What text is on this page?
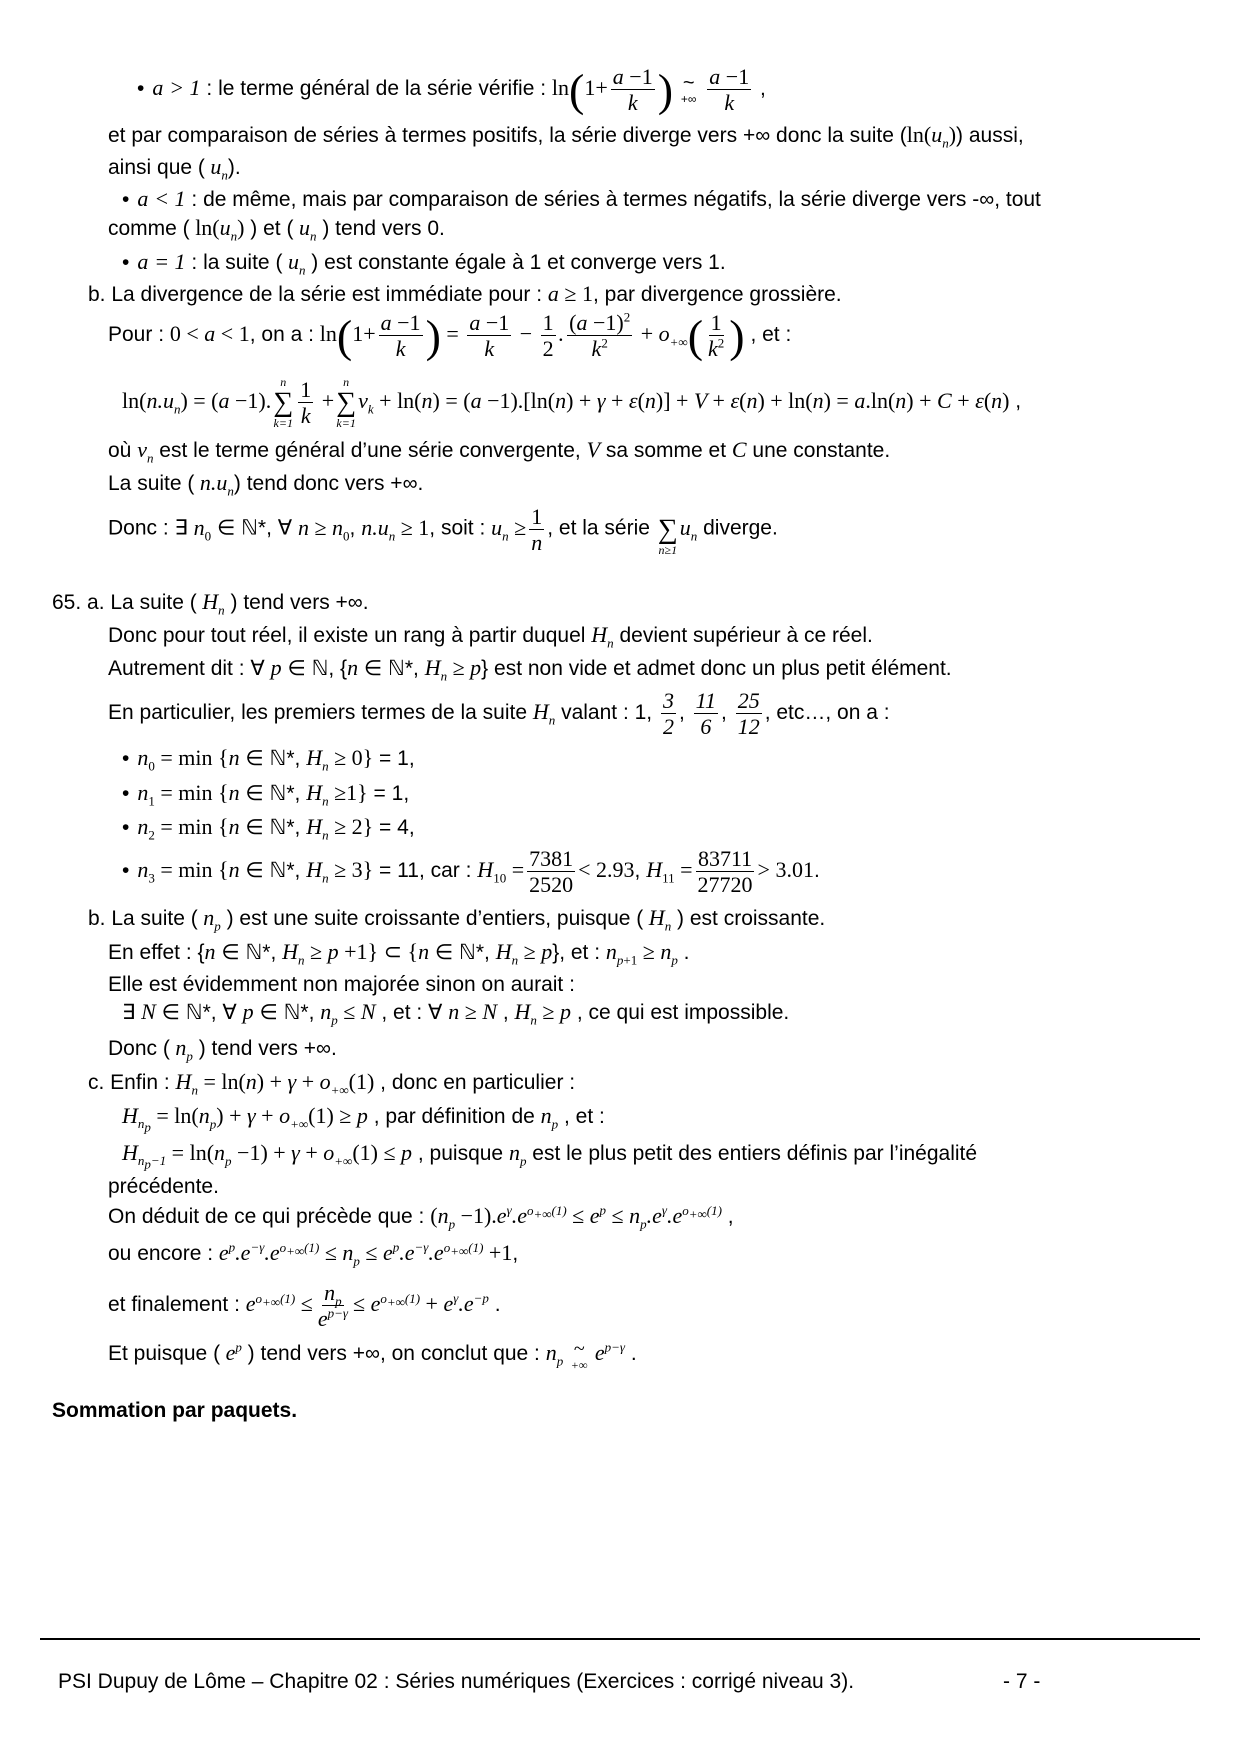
• a > 1 : le terme général de la série vérifie : $\ln(1+ \frac{a -1}{k}$ ) ~
+∞
$\frac{a -1}{k}$ ,
et par comparaison de séries à termes positifs, la série diverge vers +∞ donc la suite $(\ln(u_n))$ aussi,
ainsi que ( $u_n$).
• a < 1 : de même, mais par comparaison de séries à termes négatifs, la série diverge vers -∞, tout
comme ( $\ln(u_n)$ ) et ( $u_n$ ) tend vers 0.
• a = 1 : la suite ( $u_n$ ) est constante égale à 1 et converge vers 1.
b. La divergence de la série est immédiate pour : a ≥ 1, par divergence grossière.
Pour : 0 < a < 1, on a : $\ln(1+ \frac{a -1}{k}$ ) = $\frac{a -1}{k} - \frac{1}{2}$ . $\frac{(a -1)^2}{k^2} + o_{+\infty}( \frac{1}{k^2}$ ) , et :
$\ln(n.u_n) = (a -1)$.
n
∑
$k=1 \frac{1}{k}$ +
n
∑
k=1
$v_k + \ln(n) = (a -1).[\ln(n) + \gamma + \varepsilon(n)] + V + \varepsilon(n) + \ln(n) = a.\ln(n) + C + \varepsilon(n)$ ,
où $v_n$ est le terme général d’une série convergente, V sa somme et C une constante.
La suite ( $n.u_n$) tend donc vers +∞.
Donc : ∃ $n_0$ ∈ ℕ*, ∀ $n \ge n_0$, $n.u_n \ge 1$, soit : $u_n \ge \frac{1}{n}$ , et la série
∑
n≥1
$u_n$ diverge.
65. a. La suite ( $H_n$ ) tend vers +∞.
Donc pour tout réel, il existe un rang à partir duquel $H_n$ devient supérieur à ce réel.
Autrement dit : ∀ p ∈ ℕ, {n ∈ ℕ*, $H_n \ge p$} est non vide et admet donc un plus petit élément.
En particulier, les premiers termes de la suite $H_n$ valant : 1, $\frac{3}{2}$ , $\frac{11}{6}$ , $\frac{25}{12}$ , etc…, on a :
• $n_0 = \min \{n$ ∈ ℕ*, $H_n \ge 0\} = 1$,
• $n_1 = \min \{n$ ∈ ℕ*, $H_n \ge 1\} = 1$,
• $n_2 = \min \{n$ ∈ ℕ*, $H_n \ge 2\} = 4$,
• $n_3 = \min \{n$ ∈ ℕ*, $H_n \ge 3\} = 11$, car : $H_{10} = \frac{7381}{2520} < 2.93$, $H_{11} = \frac{83711}{27720} > 3.01$.
b. La suite ( $n_p$ ) est une suite croissante d’entiers, puisque ( $H_n$ ) est croissante.
En effet : {n ∈ ℕ*, $H_n \ge p +1$} ⊂ {n ∈ ℕ*, $H_n \ge p$}, et : $n_{p+1} \ge n_p$ .
Elle est évidemment non majorée sinon on aurait :
∃ N ∈ ℕ*, ∀ p ∈ ℕ*, $n_p \le N$ , et : ∀ n ≥ N , $H_n \ge p$ , ce qui est impossible.
Donc ( $n_p$ ) tend vers +∞.
c. Enfin : $H_n = \ln(n) + \gamma + o_{+\infty}(1)$ , donc en particulier :
$H_{n_p} = \ln(n_p) + \gamma + o_{+\infty}(1) \ge p$ , par définition de $n_p$ , et :
$H_{n_p-1} = \ln(n_p -1) + \gamma + o_{+\infty}(1) \le p$ , puisque $n_p$ est le plus petit des entiers définis par l’inégalité
précédente.
On déduit de ce qui précède que : $(n_p -1).e^\gamma.e^{o_{+\infty}(1)} \le e^p \le n_p.e^\gamma.e^{o_{+\infty}(1)}$ ,
ou encore : $e^p.e^{-\gamma}.e^{o_{+\infty}(1)} \le n_p \le e^p.e^{-\gamma}.e^{o_{+\infty}(1)} +1$,
et finalement : $e^{o_{+\infty}(1)} \le \frac{n_p}{e^{p-\gamma}} \le e^{o_{+\infty}(1)} + e^\gamma.e^{-p}$ .
Et puisque ( $e^p$ ) tend vers +∞, on conclut que : $n_p$
~
+∞ $e^{p-\gamma}$ .
Sommation par paquets.
PSI Dupuy de Lôme – Chapitre 02 : Séries numériques (Exercices : corrigé niveau 3).	- 7 -
